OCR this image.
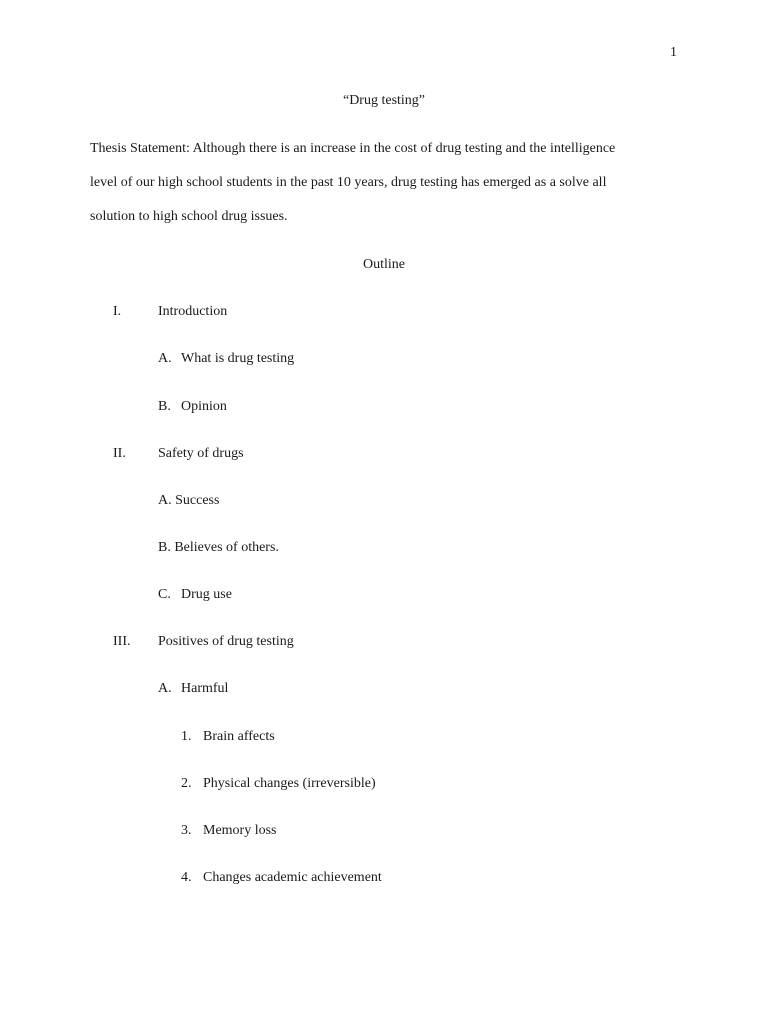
1
“Drug testing”
Thesis Statement: Although there is an increase in the cost of drug testing and the intelligence
level of our high school students in the past 10 years, drug testing has emerged as a solve all
solution to high school drug issues.
Outline
I.	Introduction
A. What is drug testing
B. Opinion
II. Safety of drugs
A. Success
B. Believes of others.
C. Drug use
III. Positives of drug testing
A. Harmful
1. Brain affects
2. Physical changes (irreversible)
3. Memory loss
4. Changes academic achievement
